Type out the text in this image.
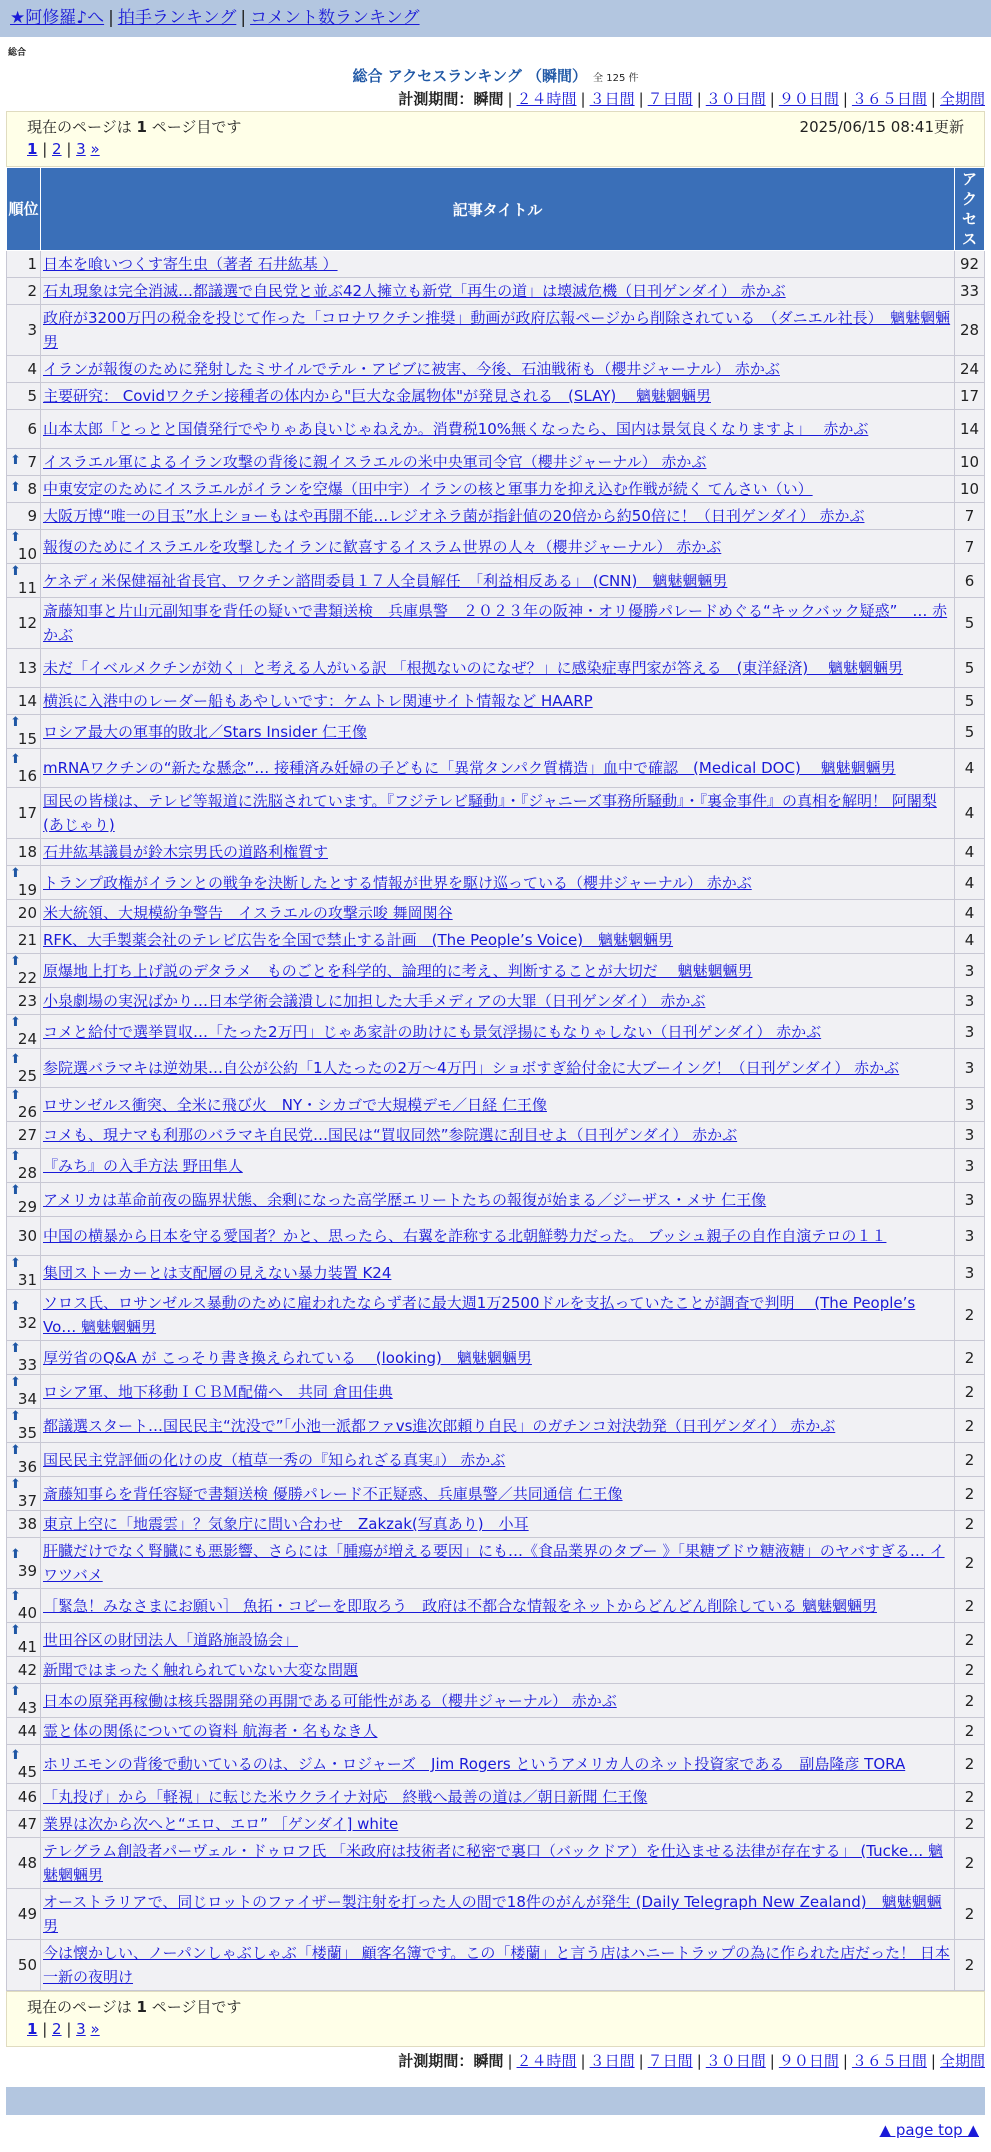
★阿修羅♪へ | 拍手ランキング | コメント数ランキング
総合
総合 アクセスランキング （瞬間） 全 125 件
計測期間：瞬間 | ２４時間 | ３日間 | ７日間 | ３０日間 | ９０日間 | ３６５日間 | 全期間
現在のページは 1 ページ目です	2025/06/15 08:41更新
1 | 2 | 3 »
順位	記事タイトル	アクセス
1	日本を喰いつくす寄生虫（著者 石井紘基 ）	92
2	石丸現象は完全消滅…都議選で自民党と並ぶ42人擁立も新党「再生の道」は壊滅危機（日刊ゲンダイ） 赤かぶ	33
3	政府が3200万円の税金を投じて作った「コロナワクチン推奨」動画が政府広報ページから削除されている　（ダニエル社長）　魑魅魍魎男	28
4	イランが報復のために発射したミサイルでテル・アビブに被害、今後、石油戦術も（櫻井ジャーナル） 赤かぶ	24
5	主要研究： Covidワクチン接種者の体内から"巨大な金属物体"が発見される　(SLAY)　 魑魅魍魎男	17
6	山本太郎「とっとと国債発行でやりゃあ良いじゃねえか。消費税10%無くなったら、国内は景気良くなりますよ」　 赤かぶ	14

⬆ 7	イスラエル軍によるイラン攻撃の背後に親イスラエルの米中央軍司令官（櫻井ジャーナル） 赤かぶ	10

⬆ 8	中東安定のためにイスラエルがイランを空爆（田中宇）イランの核と軍事力を抑え込む作戦が続く てんさい（い）	10
9	大阪万博“唯一の目玉”水上ショーもはや再開不能…レジオネラ菌が指針値の20倍から約50倍に！（日刊ゲンダイ） 赤かぶ	7

⬆
10	報復のためにイスラエルを攻撃したイランに歓喜するイスラム世界の人々（櫻井ジャーナル） 赤かぶ	7

⬆
11	ケネディ米保健福祉省長官、ワクチン諮問委員１７人全員解任　「利益相反ある」 (CNN)　魑魅魍魎男	6
12	斎藤知事と片山元副知事を背任の疑いで書類送検　兵庫県警　２０２３年の阪神・オリ優勝パレードめぐる“キックバック疑惑”　… 赤かぶ	5
13	未だ「イベルメクチンが効く」と考える人がいる訳 「根拠ないのになぜ？」に感染症専門家が答える　(東洋経済)　 魑魅魍魎男	5
14	横浜に入港中のレーダー船もあやしいです：ケムトレ関連サイト情報など HAARP	5

⬆
15	ロシア最大の軍事的敗北／Stars Insider 仁王像	5

⬆
16	mRNAワクチンの“新たな懸念”… 接種済み妊婦の子どもに「異常タンパク質構造」血中で確認　(Medical DOC)　 魑魅魍魎男	4
17	国民の皆様は、テレビ等報道に洗脳されています。『フジテレビ騒動』・『ジャニーズ事務所騒動』・『裏金事件』の真相を解明！ 阿闍梨(あじゃり)	4
18	石井紘基議員が鈴木宗男氏の道路利権質す	4

⬆
19	トランプ政権がイランとの戦争を決断したとする情報が世界を駆け巡っている（櫻井ジャーナル） 赤かぶ	4
20	米大統領、大規模紛争警告　イスラエルの攻撃示唆 舞岡関谷	4
21	RFK、大手製薬会社のテレビ広告を全国で禁止する計画　(The People’s Voice)　魑魅魍魎男	4

⬆
22	原爆地上打ち上げ説のデタラメ　ものごとを科学的、論理的に考え、判断することが大切だ　 魑魅魍魎男	3
23	小泉劇場の実況ばかり…日本学術会議潰しに加担した大手メディアの大罪（日刊ゲンダイ） 赤かぶ	3

⬆
24	コメと給付で選挙買収…「たった2万円」じゃあ家計の助けにも景気浮揚にもなりゃしない（日刊ゲンダイ） 赤かぶ	3

⬆
25	参院選バラマキは逆効果…自公が公約「1人たったの2万〜4万円」ショボすぎ給付金に大ブーイング！（日刊ゲンダイ） 赤かぶ	3

⬆
26	ロサンゼルス衝突、全米に飛び火　NY・シカゴで大規模デモ／日経 仁王像	3
27	コメも、現ナマも利那のバラマキ自民党…国民は“買収同然”参院選に刮目せよ（日刊ゲンダイ） 赤かぶ	3

⬆
28	『みち』の入手方法 野田隼人	3

⬆
29	アメリカは革命前夜の臨界状態、余剰になった高学歴エリートたちの報復が始まる／ジーザス・メサ 仁王像	3
30	中国の横暴から日本を守る愛国者？かと、思ったら、右翼を詐称する北朝鮮勢力だった。 ブッシュ親子の自作自演テロの１１	3

⬆
31	集団ストーカーとは支配層の見えない暴力装置 K24	3

⬆
32	ソロス氏、ロサンゼルス暴動のために雇われたならず者に最大週1万2500ドルを支払っていたことが調査で判明　 (The People’s Vo… 魑魅魍魎男	2

⬆
33	厚労省のQ&A が こっそり書き換えられている　 (looking)　魑魅魍魎男	2

⬆
34	ロシア軍、地下移動ＩＣＢＭ配備へ　共同 倉田佳典	2

⬆
35	都議選スタート…国民民主“沈没で”「小池一派都ファvs進次郎頼り自民」のガチンコ対決勃発（日刊ゲンダイ） 赤かぶ	2

⬆
36	国民民主党評価の化けの皮（植草一秀の『知られざる真実』） 赤かぶ	2

⬆
37	斎藤知事らを背任容疑で書類送検 優勝パレード不正疑惑、兵庫県警／共同通信 仁王像	2
38	東京上空に「地震雲」？気象庁に問い合わせ　Zakzak(写真あり)　小耳	2

⬆
39	肝臓だけでなく腎臓にも悪影響、さらには「腫瘍が増える要因」にも…《食品業界のタブー 》「果糖ブドウ糖液糖」のヤバすぎる… イワツバメ	2

⬆
40	［緊急！みなさまにお願い］ 魚拓・コピーを即取ろう　政府は不都合な情報をネットからどんどん削除している 魑魅魍魎男	2

⬆
41	世田谷区の財団法人「道路施設協会」	2
42	新聞ではまったく触れられていない大変な問題	2

⬆
43	日本の原発再稼働は核兵器開発の再開である可能性がある（櫻井ジャーナル） 赤かぶ	2
44	霊と体の関係についての資料 航海者・名もなき人	2

⬆
45	ホリエモンの背後で動いているのは、ジム・ロジャーズ　Jim Rogers というアメリカ人のネット投資家である　副島隆彦 TORA	2
46	「丸投げ」から「軽視」に転じた米ウクライナ対応　終戦へ最善の道は／朝日新聞 仁王像	2
47	業界は次から次へと“エロ、エロ” ［ゲンダイ] white	2
48	テレグラム創設者パーヴェル・ドゥロフ氏 「米政府は技術者に秘密で裏口（バックドア）を仕込ませる法律が存在する」 (Tucke… 魑魅魍魎男	2
49	オーストラリアで、同じロットのファイザー製注射を打った人の間で18件のがんが発生 (Daily Telegraph New Zealand)　魑魅魍魎男	2
50	今は懐かしい、ノーパンしゃぶしゃぶ「楼蘭」 顧客名簿です。この「楼蘭」と言う店はハニートラップの為に作られた店だった！ 日本一新の夜明け	2
現在のページは 1 ページ目です
1 | 2 | 3 »
計測期間：瞬間 | ２４時間 | ３日間 | ７日間 | ３０日間 | ９０日間 | ３６５日間 | 全期間
▲ page top ▲
